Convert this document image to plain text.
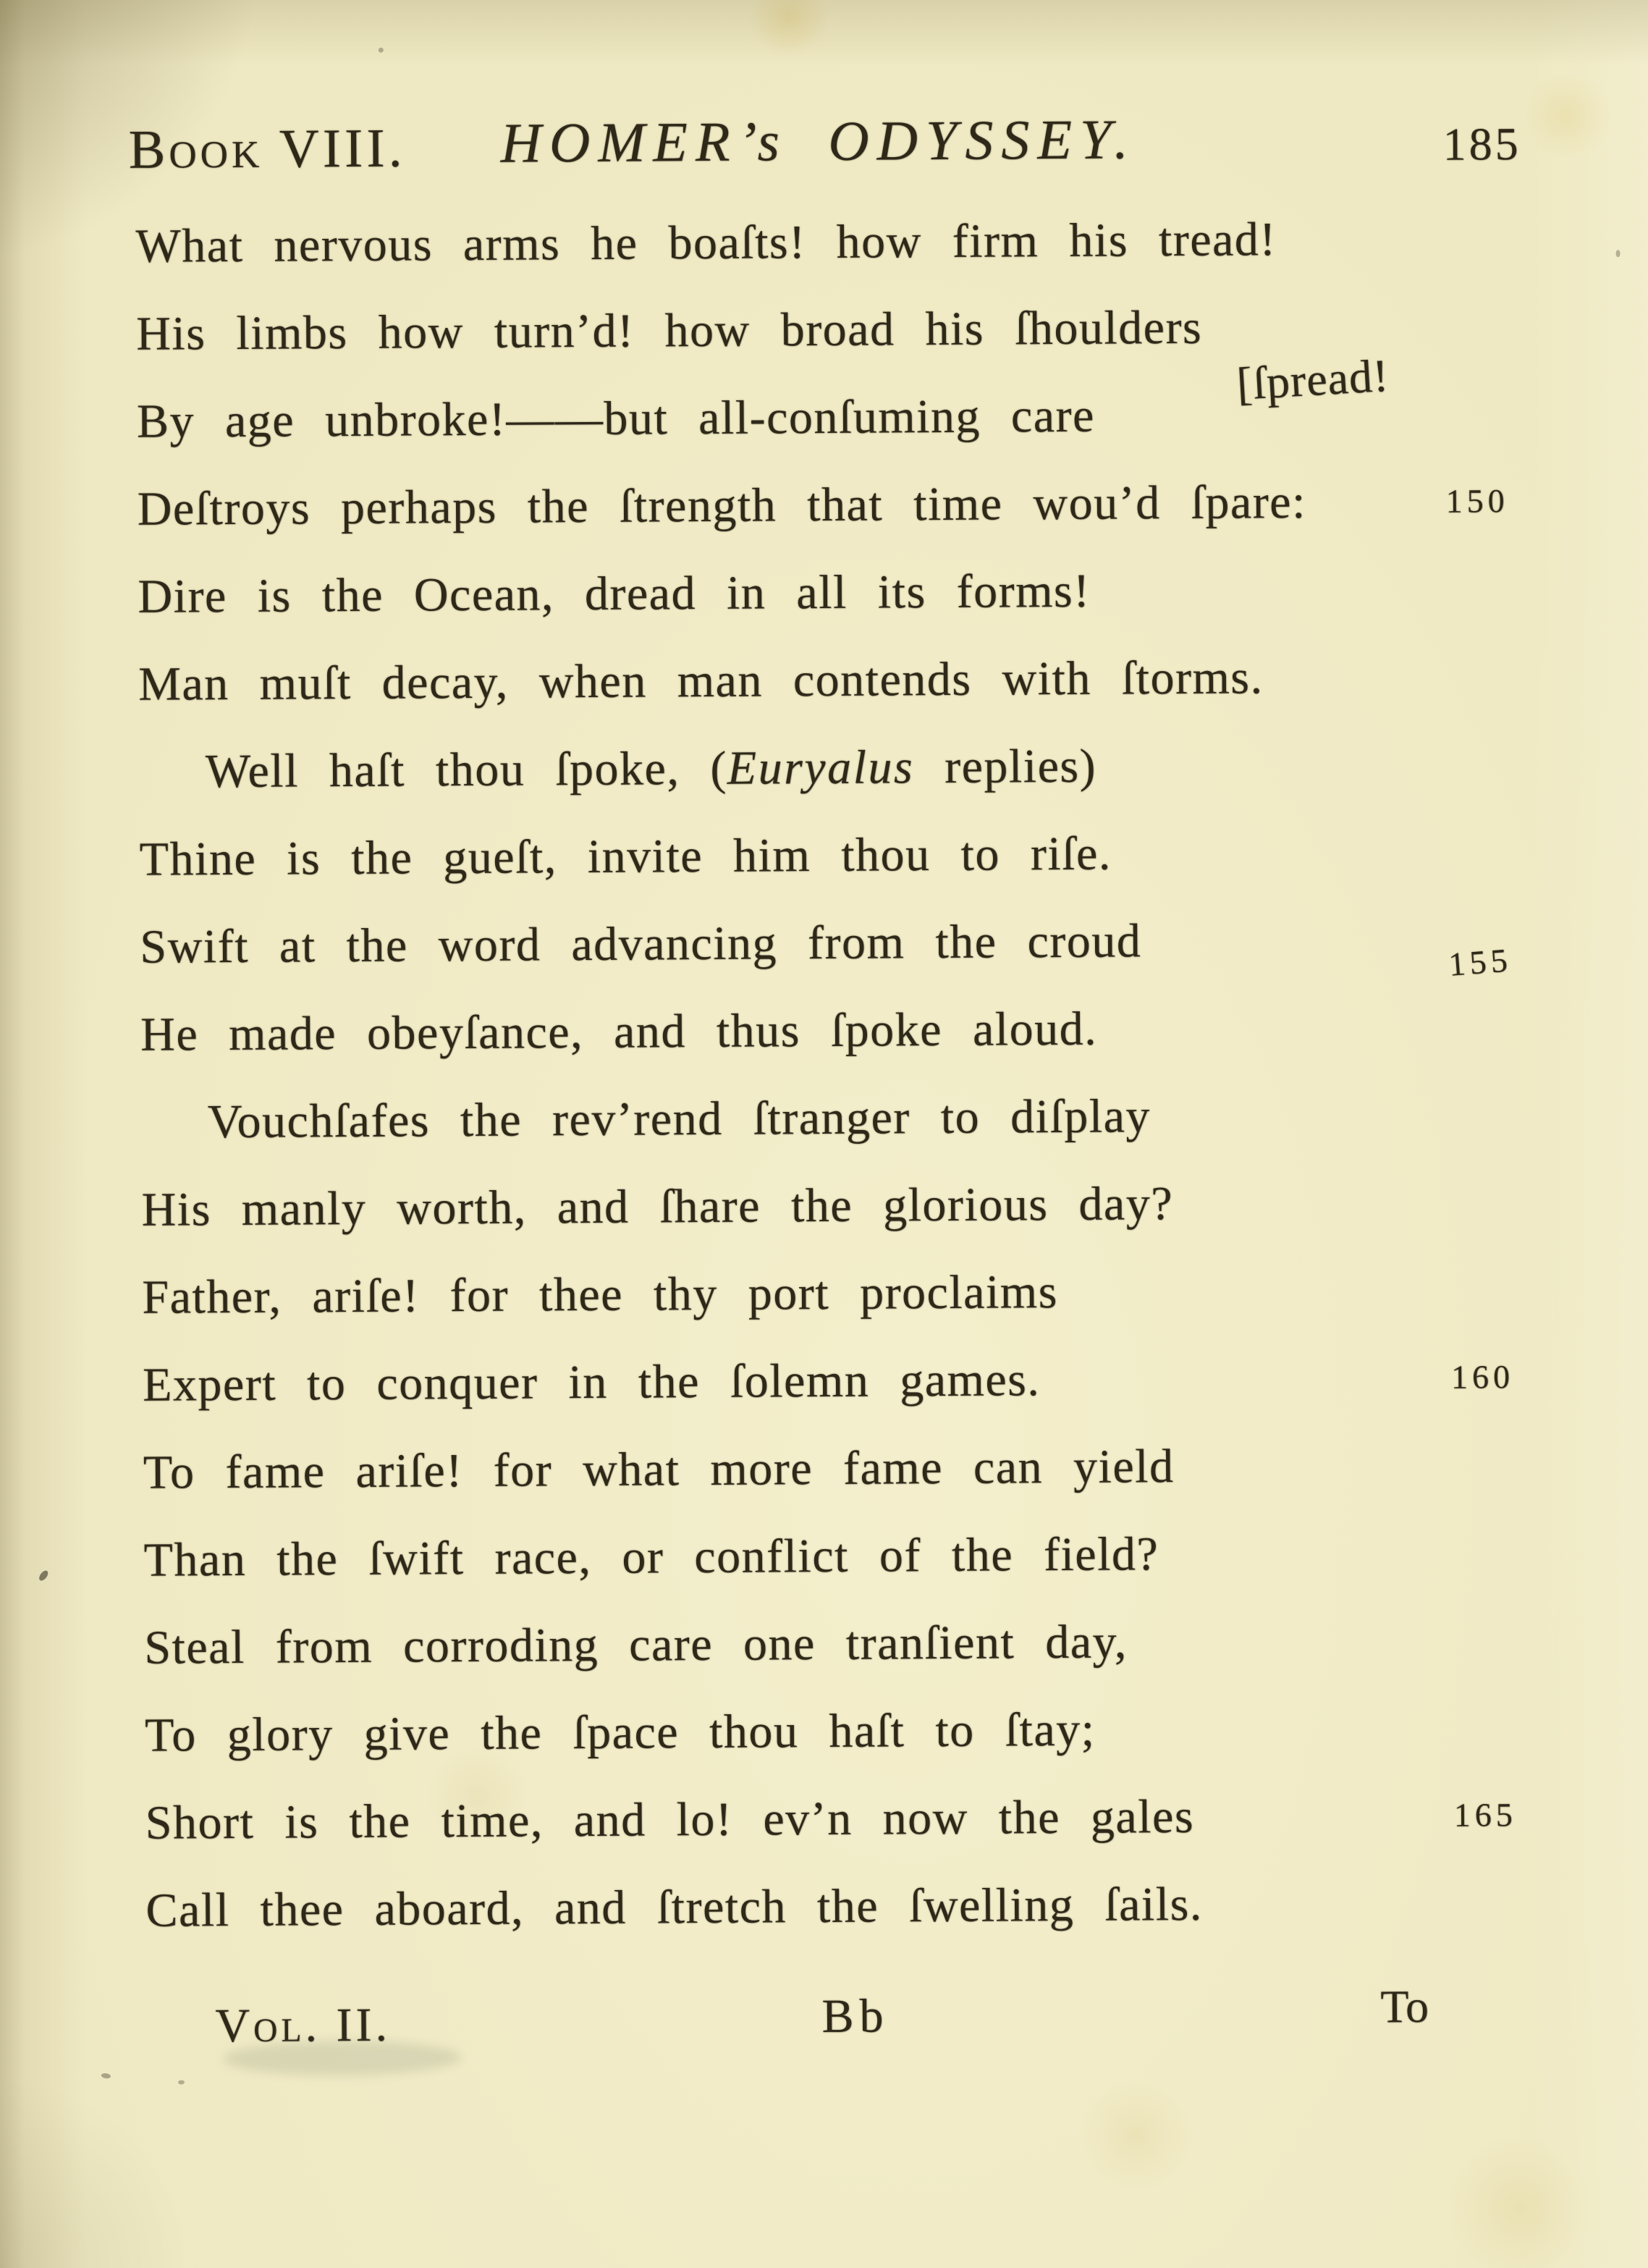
Book VIII. HOMER’s ODYSSEY.	185
What nervous arms he boaſts! how firm his tread!
His limbs how turn’d! how broad his ſhoulders
By age unbroke!——but all-conſuming care
[ſpread!
Deſtroys perhaps the ſtrength that time wou’d ſpare:	150
Dire is the Ocean, dread in all its forms!
Man muſt decay, when man contends with ſtorms.
Well haſt thou ſpoke, (Euryalus replies)
Thine is the gueſt, invite him thou to riſe.
Swift at the word advancing from the croud	155
He made obeyſance, and thus ſpoke aloud.
Vouchſafes the rev’rend ſtranger to diſplay
His manly worth, and ſhare the glorious day?
Father, ariſe! for thee thy port proclaims
Expert to conquer in the ſolemn games.	160
To fame ariſe! for what more fame can yield
Than the ſwift race, or conflict of the field?
Steal from corroding care one tranſient day,
To glory give the ſpace thou haſt to ſtay;
Short is the time, and lo! ev’n now the gales	165
Call thee aboard, and ſtretch the ſwelling ſails.
Vol. II.	Bb	To
